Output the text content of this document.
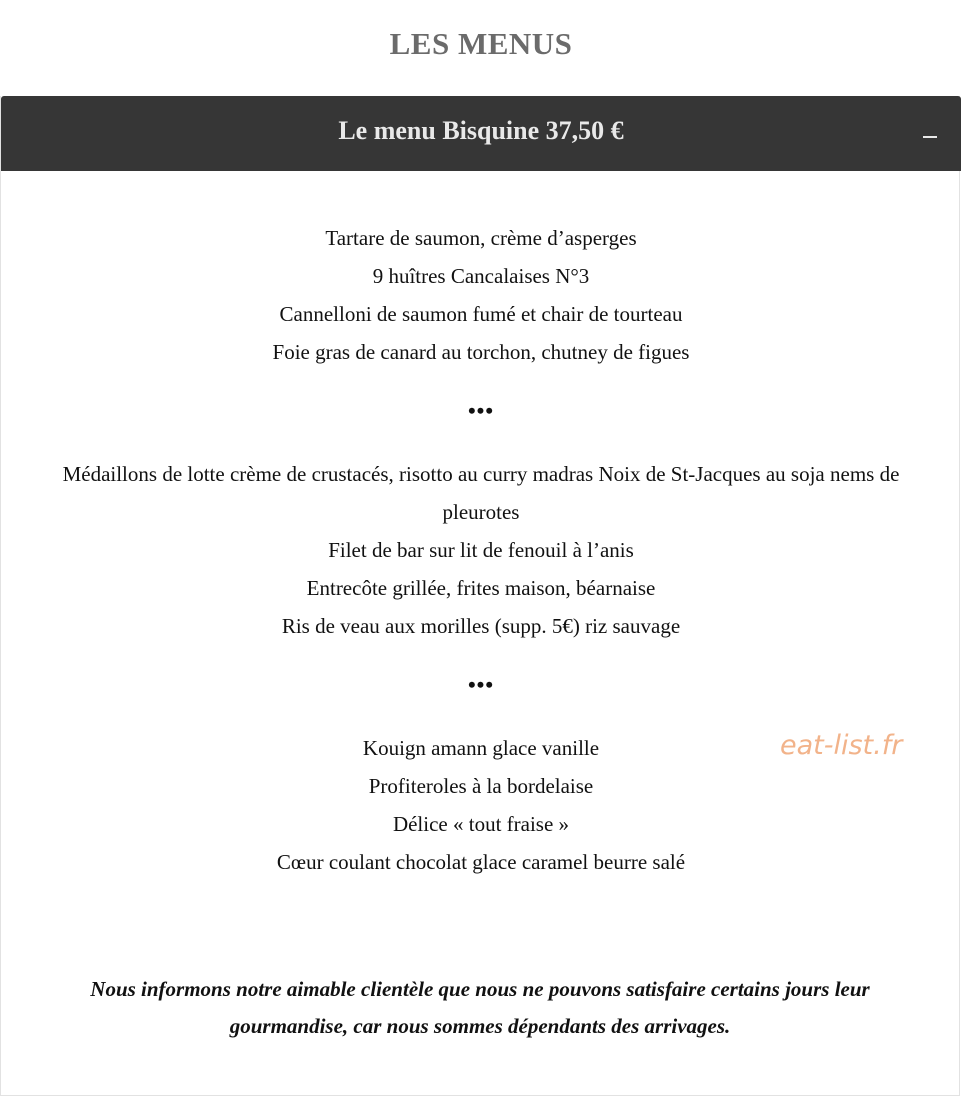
LES MENUS
Le menu Bisquine 37,50 €

Tartare de saumon, crème d’asperges

9 huîtres Cancalaises N°3

Cannelloni de saumon fumé et chair de tourteau

Foie gras de canard au torchon, chutney de figues

•••

Médaillons de lotte crème de crustacés, risotto au curry madras Noix de St-Jacques au soja nems de pleurotes

Filet de bar sur lit de fenouil à l’anis

Entrecôte grillée, frites maison, béarnaise

Ris de veau aux morilles (supp. 5€) riz sauvage

•••

Kouign amann glace vanille

Profiteroles à la bordelaise

Délice « tout fraise »

Cœur coulant chocolat glace caramel beurre salé

eat-list.fr
Nous informons notre aimable clientèle que nous ne pouvons satisfaire certains jours leur gourmandise, car nous sommes dépendants des arrivages.
